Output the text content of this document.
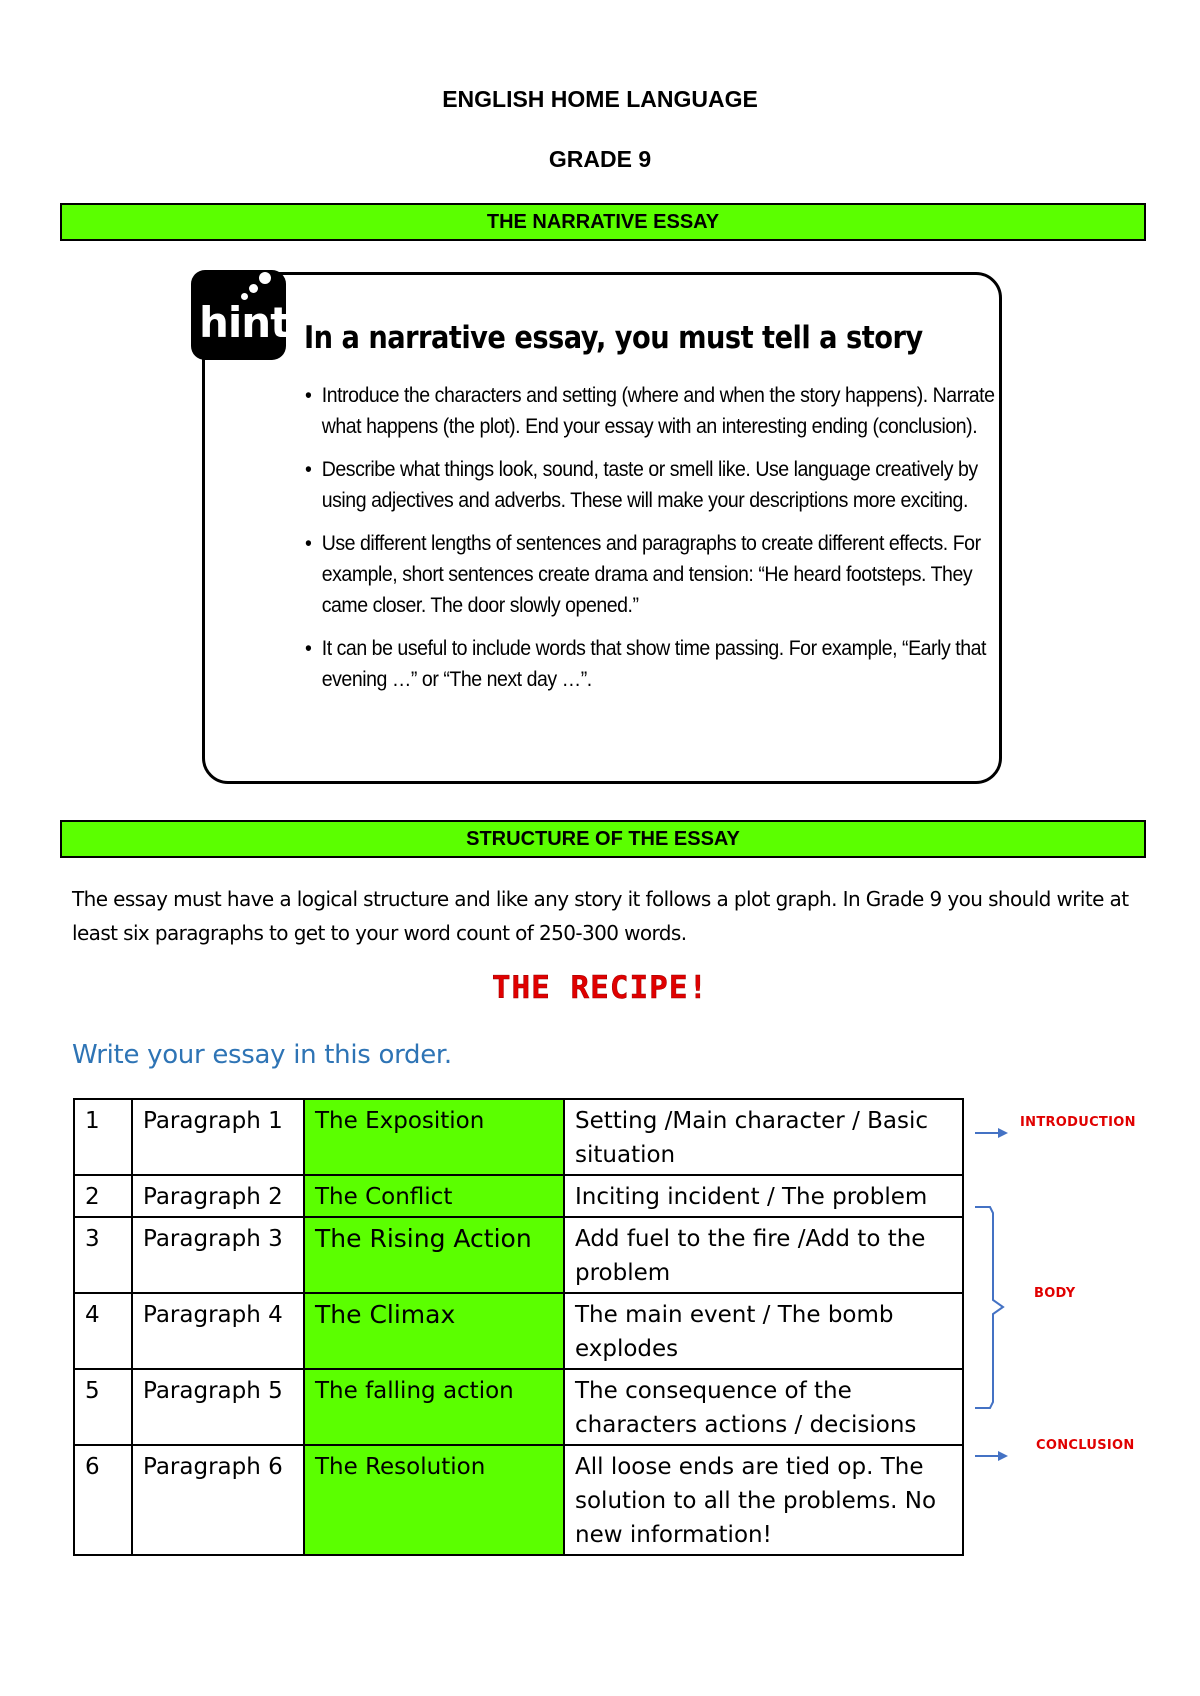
ENGLISH HOME LANGUAGE
GRADE 9
THE NARRATIVE ESSAY
hint In a narrative essay, you must tell a story
• Introduce the characters and setting (where and when the story happens). Narrate what happens (the plot). End your essay with an interesting ending (conclusion).
• Describe what things look, sound, taste or smell like. Use language creatively by using adjectives and adverbs. These will make your descriptions more exciting.
• Use different lengths of sentences and paragraphs to create different effects. For example, short sentences create drama and tension: “He heard footsteps. They came closer. The door slowly opened.”
• It can be useful to include words that show time passing. For example, “Early that evening …” or “The next day …”.
STRUCTURE OF THE ESSAY
The essay must have a logical structure and like any story it follows a plot graph. In Grade 9 you should write at least six paragraphs to get to your word count of 250-300 words.
THE RECIPE!
Write your essay in this order.
1	Paragraph 1	The Exposition	Setting /Main character / Basic situation
2	Paragraph 2	The Conflict	Inciting incident / The problem
3	Paragraph 3	The Rising Action	Add fuel to the fire /Add to the problem
4	Paragraph 4	The Climax	The main event / The bomb explodes
5	Paragraph 5	The falling action	The consequence of the characters actions / decisions
6	Paragraph 6	The Resolution	All loose ends are tied op. The solution to all the problems. No new information!
INTRODUCTION
BODY
CONCLUSION
